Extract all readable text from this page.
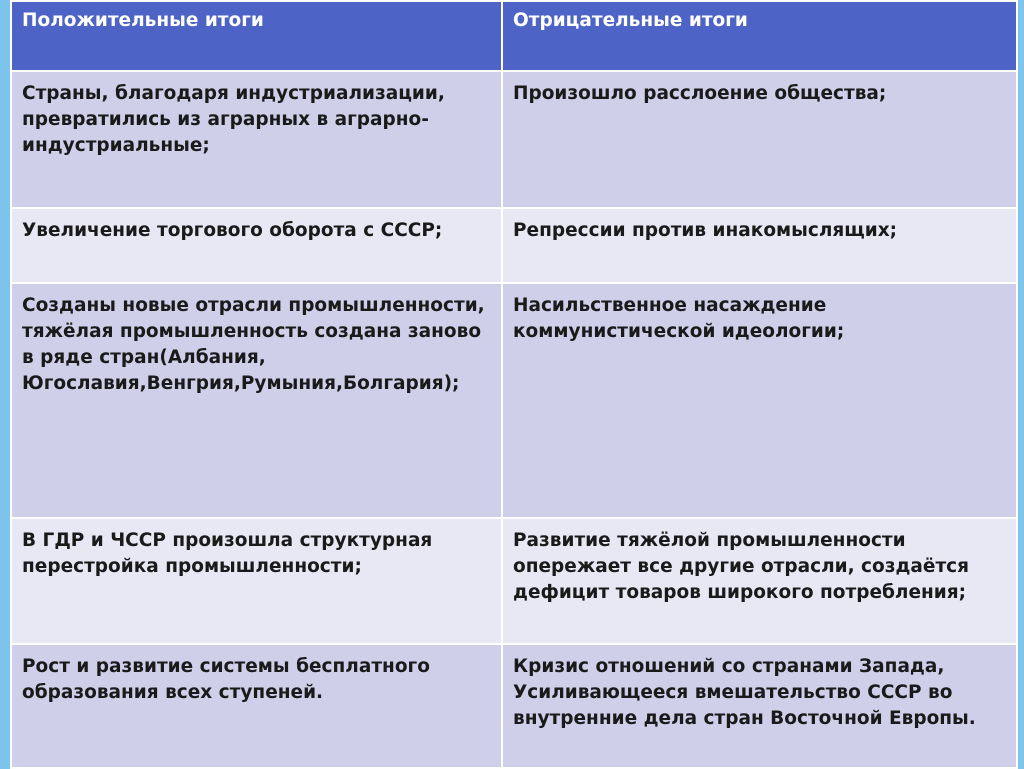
Положительные итоги	Отрицательные итоги
Страны, благодаря индустриализации, превратились из аграрных в аграрно-индустриальные;	Произошло расслоение общества;
Увеличение торгового оборота с СССР;	Репрессии против инакомыслящих;
Созданы новые отрасли промышленности, тяжёлая промышленность создана заново в ряде стран(Албания, Югославия,Венгрия,Румыния,Болгария);	Насильственное насаждение коммунистической идеологии;
В ГДР и ЧССР произошла структурная перестройка промышленности;	Развитие тяжёлой промышленности опережает все другие отрасли, создаётся дефицит товаров широкого потребления;
Рост и развитие системы бесплатного образования всех ступеней.	Кризис отношений со странами Запада, Усиливающееся вмешательство СССР во внутренние дела стран Восточной Европы.
